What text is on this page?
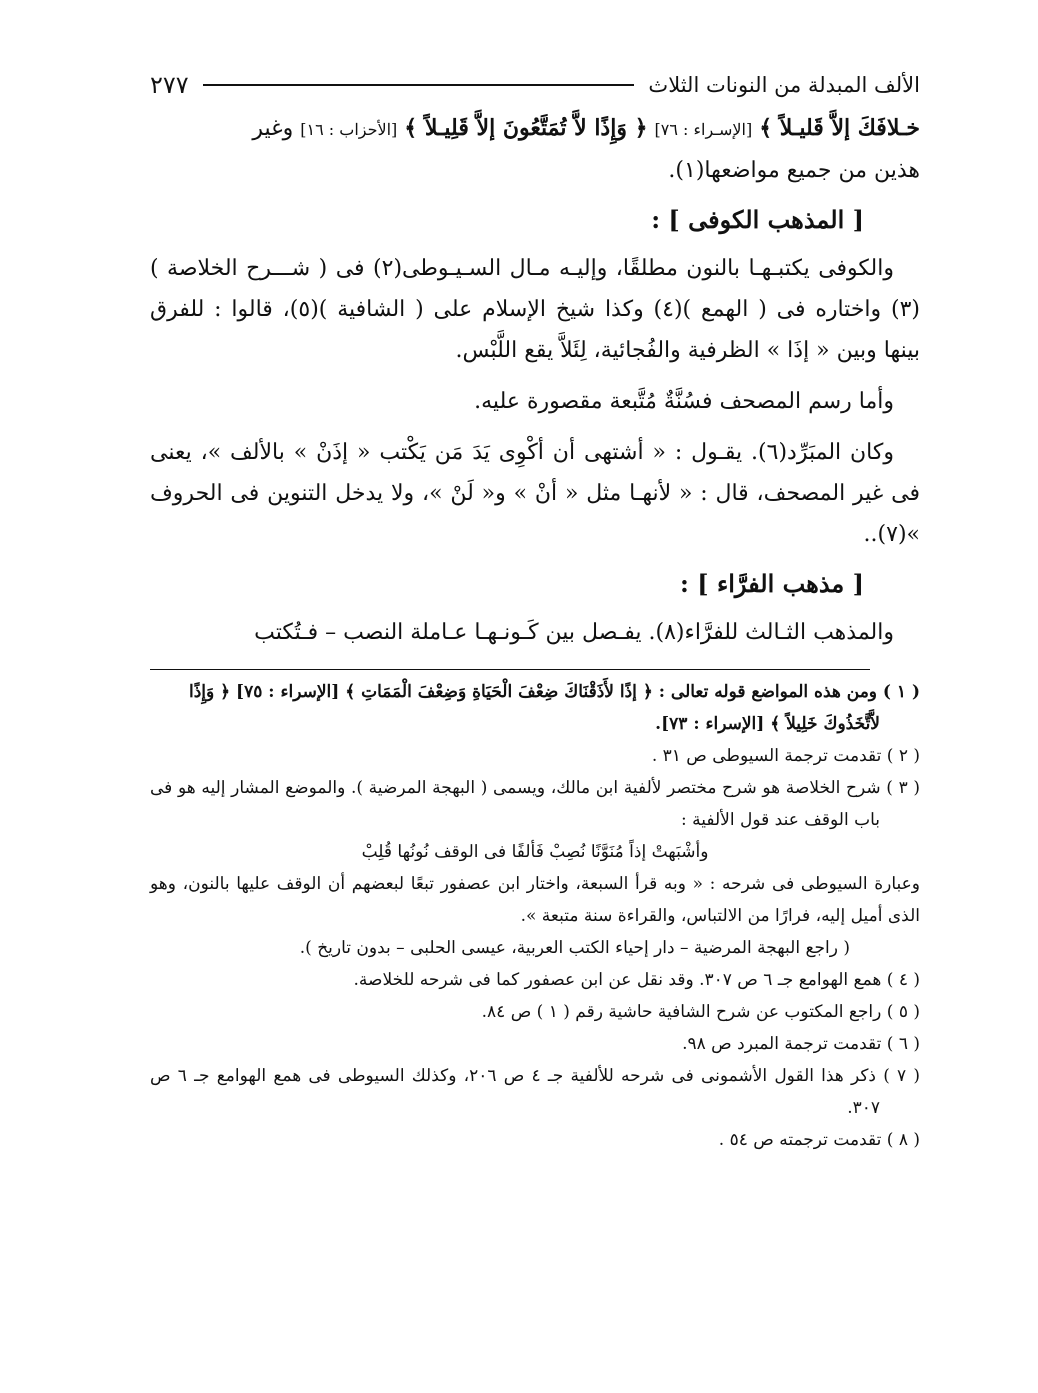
الألف المبدلة من النونات الثلاث
٢٧٧

خـلافَكَ إلاَّ قَليـلاً ﴾ [الإسـراء : ٧٦] ﴿ وَإِذًا لاَّ تُمَتَّعُونَ إلاَّ قَلِيـلاً ﴾ [الأحزاب : ١٦] وغير
هذين من جميع مواضعها(١).

[ المذهب الكوفى ] :

والكوفى يكتبـهـا بالنون مطلقًا، وإليـه مـال السـيـوطى(٢) فى ( شـــرح الخلاصة )(٣) واختاره فى ( الهمع )(٤) وكذا شيخ الإسلام على ( الشافية )(٥)، قالوا : للفرق بينها وبين « إذَا » الظرفية والفُجائية، لِئَلاَّ يقع اللَّبْس.

وأما رسم المصحف فسُنَّةٌ مُتَّبعة مقصورة عليه.

وكان المبَرِّد(٦). يقـول : « أشتهى أن أكْوِى يَدَ مَن يَكْتب « إذَنْ » بالألف »، يعنى فى غير المصحف، قال : « لأنهـا مثل « أنْ » و« لَنْ »، ولا يدخل التنوين فى الحروف »(٧)..

[ مذهب الفرَّاء ] :

والمذهب الثـالث للفرَّاء(٨). يفـصل بين كَـونـهـا عـاملة النصب – فـتُكتب

( ١ ) ومن هذه المواضع قوله تعالى : ﴿ إذًا لأَذَقْنَاكَ ضِعْفَ الْحَيَاةِ وَضِعْفَ الْمَمَاتِ ﴾ [الإسراء : ٧٥] ﴿ وَإِذًا

لاَّتَّخَذُوكَ خَلِيلاً ﴾ [الإسراء : ٧٣].

( ٢ ) تقدمت ترجمة السيوطى ص ٣١ .

( ٣ ) شرح الخلاصة هو شرح مختصر لألفية ابن مالك، ويسمى ( البهجة المرضية ). والموضع المشار إليه هو فى باب الوقف عند قول الألفية :

وأشْبَهتْ إذاً مُنَوَّنًا نُصِبْ فَألفًا فى الوقف نُونُها قُلِبْ

وعبارة السيوطى فى شرحه : « وبه قرأ السبعة، واختار ابن عصفور تبعًا لبعضهم أن الوقف عليها بالنون، وهو الذى أميل إليه، فرارًا من الالتباس، والقراءة سنة متبعة ».

( راجع البهجة المرضية – دار إحياء الكتب العربية، عيسى الحلبى – بدون تاريخ ).

( ٤ ) همع الهوامع جـ ٦ ص ٣٠٧. وقد نقل عن ابن عصفور كما فى شرحه للخلاصة.

( ٥ ) راجع المكتوب عن شرح الشافية حاشية رقم ( ١ ) ص ٨٤.

( ٦ ) تقدمت ترجمة المبرد ص ٩٨.

( ٧ ) ذكر هذا القول الأشمونى فى شرحه للألفية جـ ٤ ص ٢٠٦، وكذلك السيوطى فى همع الهوامع جـ ٦ ص ٣٠٧.

( ٨ ) تقدمت ترجمته ص ٥٤ .
